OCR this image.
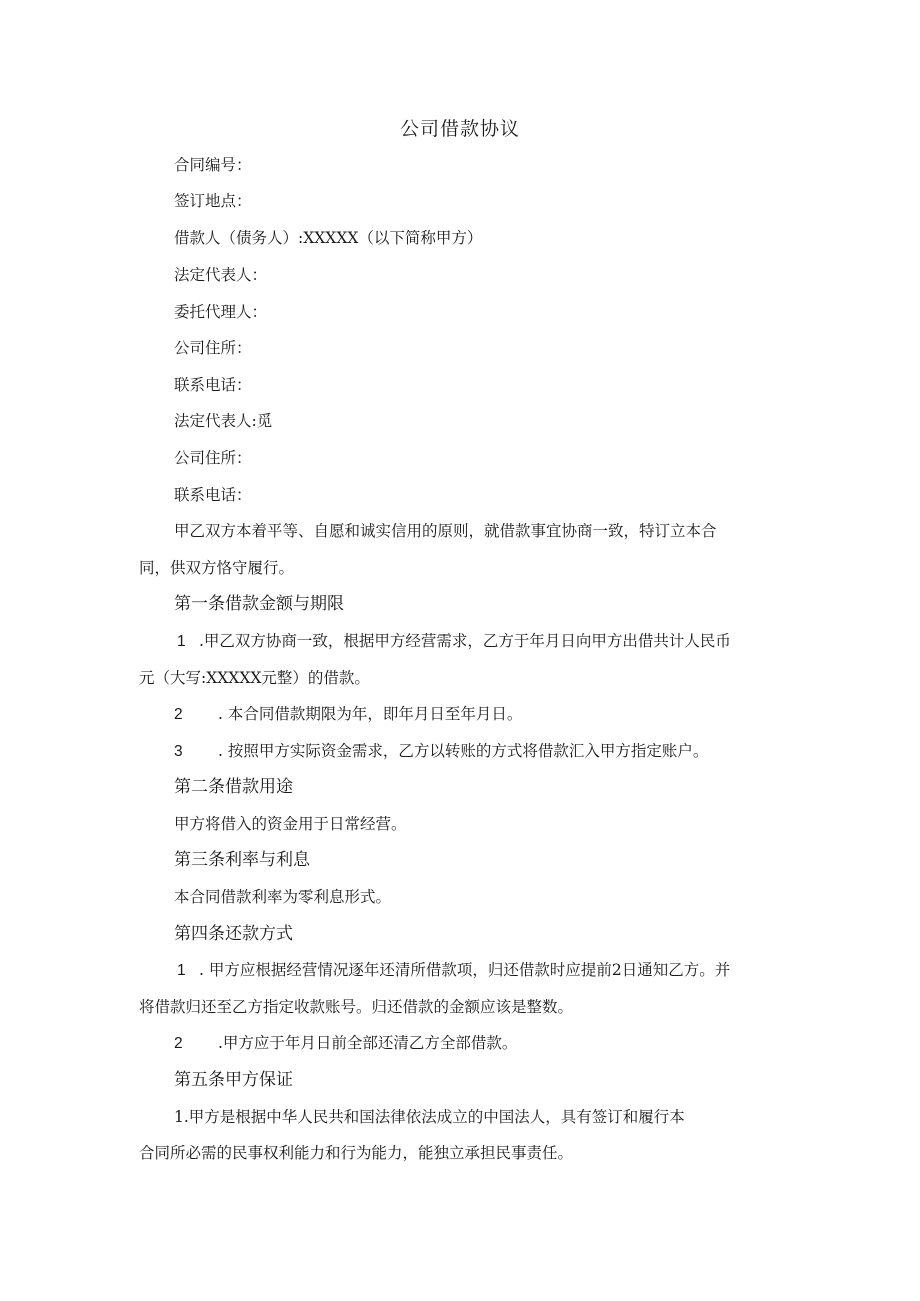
公司借款协议
合同编号：
签订地点：
借款人（债务人）:XXXXX（以下简称甲方）
法定代表人：
委托代理人：
公司住所：
联系电话：
法定代表人:觅
公司住所：
联系电话：
甲乙双方本着平等、自愿和诚实信用的原则，就借款事宜协商一致，特订立本合
同，供双方恪守履行。
第一条借款金额与期限
1 .甲乙双方协商一致，根据甲方经营需求，乙方于年月日向甲方出借共计人民币
元（大写:XXXXX元整）的借款。
2 . 本合同借款期限为年，即年月日至年月日。
3 . 按照甲方实际资金需求，乙方以转账的方式将借款汇入甲方指定账户。
第二条借款用途
甲方将借入的资金用于日常经营。
第三条利率与利息
本合同借款利率为零利息形式。
第四条还款方式
1 . 甲方应根据经营情况逐年还清所借款项，归还借款时应提前2日通知乙方。并
将借款归还至乙方指定收款账号。归还借款的金额应该是整数。
2 .甲方应于年月日前全部还清乙方全部借款。
第五条甲方保证
1.甲方是根据中华人民共和国法律依法成立的中国法人，具有签订和履行本
合同所必需的民事权利能力和行为能力，能独立承担民事责任。
